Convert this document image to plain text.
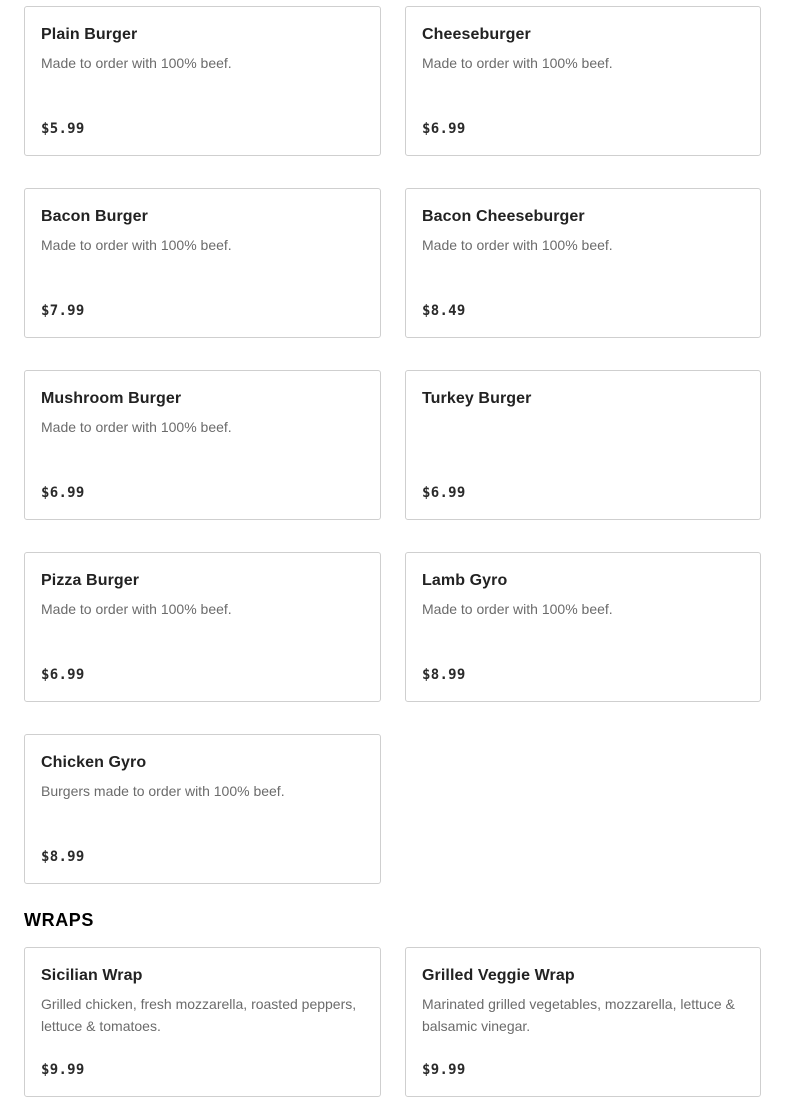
Plain Burger
Made to order with 100% beef.
$5.99
Cheeseburger
Made to order with 100% beef.
$6.99
Bacon Burger
Made to order with 100% beef.
$7.99
Bacon Cheeseburger
Made to order with 100% beef.
$8.49
Mushroom Burger
Made to order with 100% beef.
$6.99
Turkey Burger
$6.99
Pizza Burger
Made to order with 100% beef.
$6.99
Lamb Gyro
Made to order with 100% beef.
$8.99
Chicken Gyro
Burgers made to order with 100% beef.
$8.99
WRAPS
Sicilian Wrap
Grilled chicken, fresh mozzarella, roasted peppers, lettuce & tomatoes.
$9.99
Grilled Veggie Wrap
Marinated grilled vegetables, mozzarella, lettuce & balsamic vinegar.
$9.99
